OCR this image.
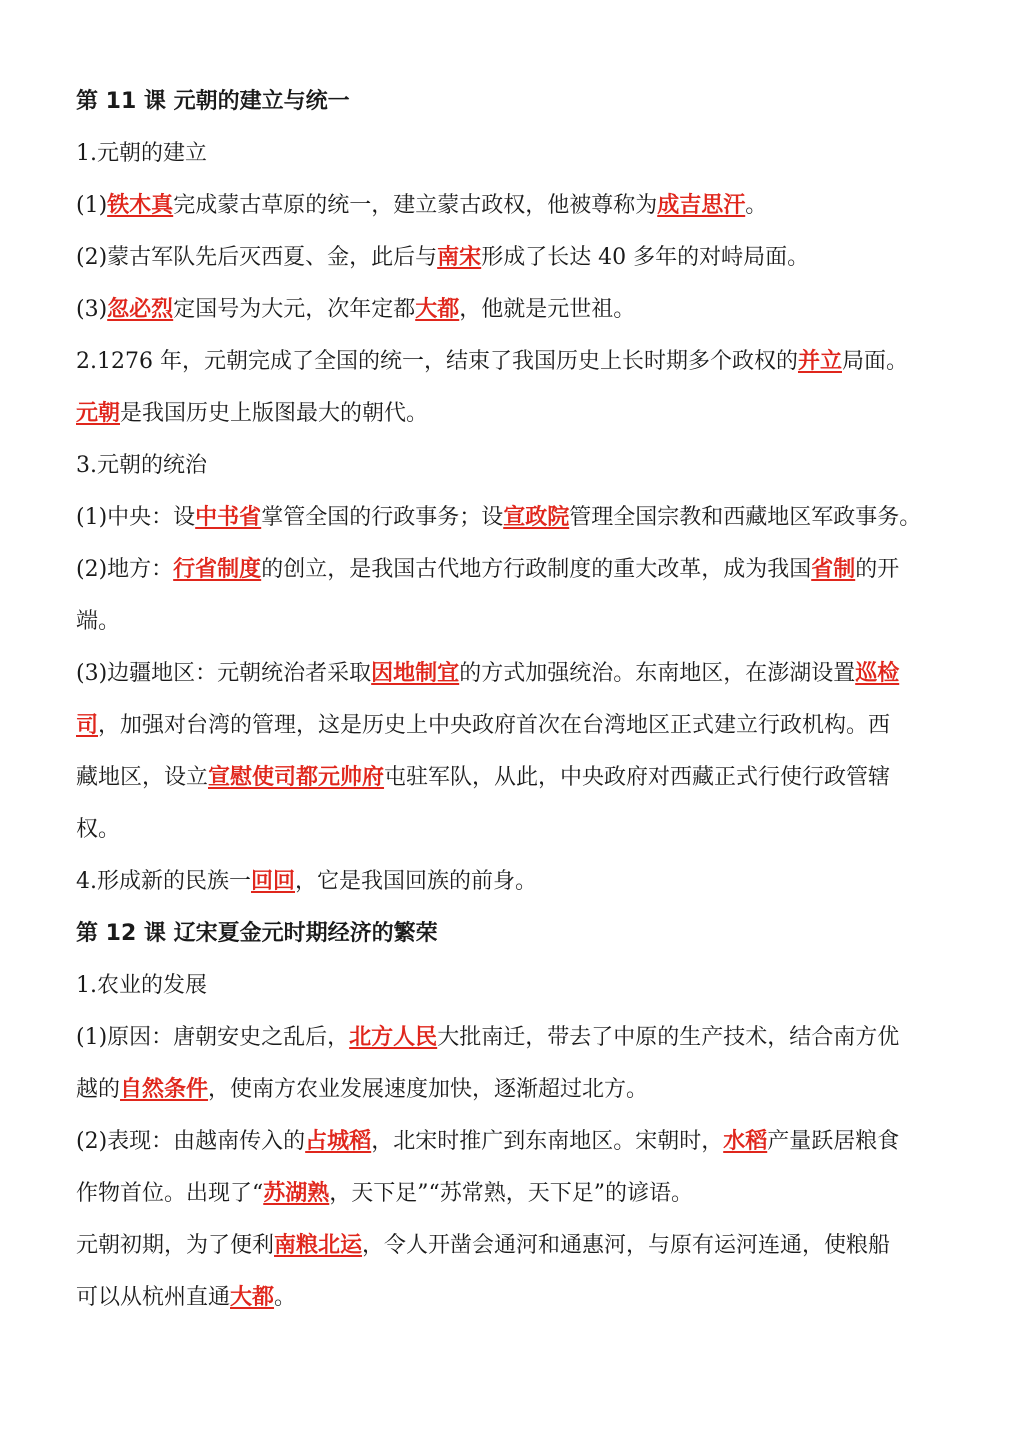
第 11 课 元朝的建立与统一
1.元朝的建立
(1)铁木真完成蒙古草原的统一，建立蒙古政权，他被尊称为成吉思汗。
(2)蒙古军队先后灭西夏、金，此后与南宋形成了长达 40 多年的对峙局面。
(3)忽必烈定国号为大元，次年定都大都，他就是元世祖。
2.1276 年，元朝完成了全国的统一，结束了我国历史上长时期多个政权的并立局面。
元朝是我国历史上版图最大的朝代。
3.元朝的统治
(1)中央：设中书省掌管全国的行政事务；设宣政院管理全国宗教和西藏地区军政事务。
(2)地方：行省制度的创立，是我国古代地方行政制度的重大改革，成为我国省制的开
端。
(3)边疆地区：元朝统治者采取因地制宜的方式加强统治。东南地区，在澎湖设置巡检
司，加强对台湾的管理，这是历史上中央政府首次在台湾地区正式建立行政机构。西
藏地区，设立宣慰使司都元帅府屯驻军队，从此，中央政府对西藏正式行使行政管辖
权。
4.形成新的民族一回回，它是我国回族的前身。
第 12 课 辽宋夏金元时期经济的繁荣
1.农业的发展
(1)原因：唐朝安史之乱后，北方人民大批南迁，带去了中原的生产技术，结合南方优
越的自然条件，使南方农业发展速度加快，逐渐超过北方。
(2)表现：由越南传入的占城稻，北宋时推广到东南地区。宋朝时，水稻产量跃居粮食
作物首位。出现了“苏湖熟，天下足”“苏常熟，天下足”的谚语。
元朝初期，为了便利南粮北运，令人开凿会通河和通惠河，与原有运河连通，使粮船
可以从杭州直通大都。
